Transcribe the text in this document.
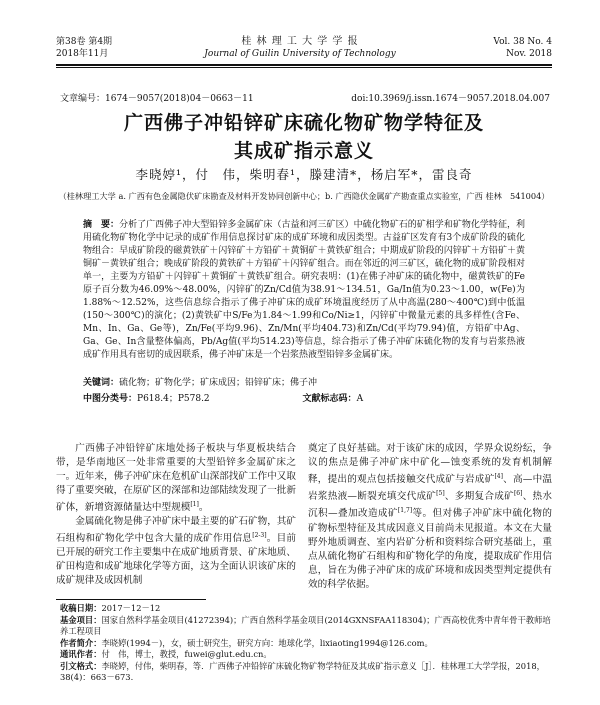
第38卷 第4期
2018年11月
桂 林 理 工 大 学 学 报
Journal of Guilin University of Technology
Vol. 38 No. 4
Nov. 2018
文章编号：1674－9057(2018)04－0663－11	doi:10.3969/j.issn.1674－9057.2018.04.007
广西佛子冲铅锌矿床硫化物矿物学特征及
其成矿指示意义
李晓婷¹，付　伟，柴明春¹，滕建清*，杨启军*，雷良奇
（桂林理工大学 a. 广西有色金属隐伏矿床勘查及材料开发协同创新中心；b. 广西隐伏金属矿产勘查重点实验室，广西 桂林　541004）
摘　要：分析了广西佛子冲大型铅锌多金属矿床（古益和河三矿区）中硫化物矿石的矿相学和矿物化学特征，利用硫化物矿物化学中记录的成矿作用信息探讨矿床的成矿环境和成因类型。古益矿区发育有3个成矿阶段的硫化物组合：早成矿阶段的磁黄铁矿＋闪锌矿＋方铅矿＋黄铜矿＋黄铁矿组合；中期成矿阶段的闪锌矿＋方铅矿＋黄铜矿－黄铁矿组合；晚成矿阶段的黄铁矿＋方铅矿＋闪锌矿组合。而在邻近的河三矿区，硫化物的成矿阶段相对单一，主要为方铅矿＋闪锌矿＋黄铜矿＋黄铁矿组合。研究表明：(1)在佛子冲矿床的硫化物中，磁黄铁矿的Fe原子百分数为46.09%～48.00%，闪锌矿的Zn/Cd值为38.91～134.51，Ga/In值为0.23～1.00，w(Fe)为1.88%～12.52%，这些信息综合指示了佛子冲矿床的成矿环境温度经历了从中高温(280～400℃)到中低温(150～300℃)的演化；(2)黄铁矿中S/Fe为1.84～1.99和Co/Ni≥1，闪锌矿中微量元素的具多样性(含Fe、Mn、In、Ga、Ge等)，Zn/Fe(平均9.96)、Zn/Mn(平均404.73)和Zn/Cd(平均79.94)值，方铅矿中Ag、Ga、Ge、In含量整体偏高，Pb/Ag值(平均514.23)等信息，综合指示了佛子冲矿床硫化物的发育与岩浆热液成矿作用具有密切的成因联系，佛子冲矿床是一个岩浆热液型铅锌多金属矿床。
关键词：硫化物；矿物化学；矿床成因；铅锌矿床；佛子冲
中图分类号：P618.4；P578.2	文献标志码：A

广西佛子冲铅锌矿床地处扬子板块与华夏板块结合带，是华南地区一处非常重要的大型铅锌多金属矿床之一。近年来，佛子冲矿床在危机矿山深部找矿工作中又取得了重要突破，在原矿区的深部和边部陆续发现了一批新矿体，新增资源储量达中型规模[1]。

金属硫化物是佛子冲矿床中最主要的矿石矿物，其矿石组构和矿物化学中包含大量的成矿作用信息[2-3]。目前已开展的研究工作主要集中在成矿地质背景、矿床地质、矿田构造和成矿地球化学等方面，这为全面认识该矿床的成矿规律及成因机制

奠定了良好基础。对于该矿床的成因，学界众说纷纭，争议的焦点是佛子冲矿床中矿化—蚀变系统的发育机制解释，提出的观点包括接触交代成矿与岩成矿[4]、高—中温岩浆热液—断裂充填交代成矿[5]、多期复合成矿[6]、热水沉积—叠加改造成矿[1,7]等。但对佛子冲矿床中硫化物的矿物标型特征及其成因意义目前尚未见报道。本文在大量野外地质调查、室内岩矿分析和资料综合研究基础上，重点从硫化物矿石组构和矿物化学的角度，提取成矿作用信息，旨在为佛子冲矿床的成矿环境和成因类型判定提供有效的科学依据。

收稿日期：2017－12－12
基金项目：国家自然科学基金项目(41272394)；广西自然科学基金项目(2014GXNSFAA118304)；广西高校优秀中青年骨干教师培养工程项目
作者简介：李晓婷(1994－)，女，硕士研究生，研究方向：地球化学，lixiaoting1994@126.com。
通讯作者：付　伟，博士，教授，fuwei@glut.edu.cn。
引文格式：李晓婷，付伟，柴明春，等．广西佛子冲铅锌矿床硫化物矿物学特征及其成矿指示意义［J］．桂林理工大学学报，2018，38(4)：663－673.
